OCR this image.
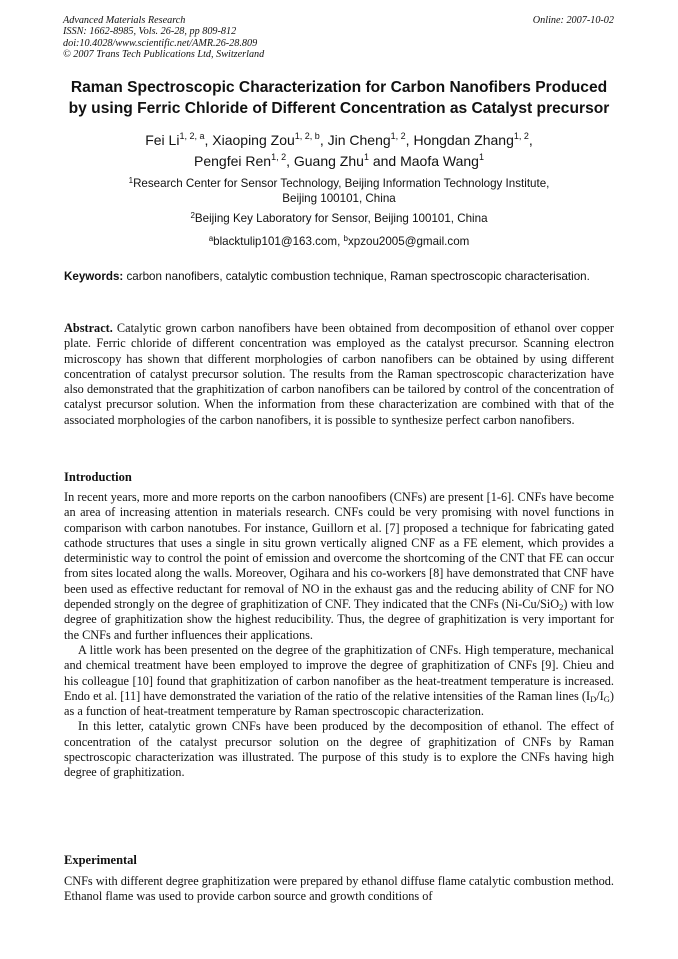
Advanced Materials Research
ISSN: 1662-8985, Vols. 26-28, pp 809-812
doi:10.4028/www.scientific.net/AMR.26-28.809
© 2007 Trans Tech Publications Ltd, Switzerland
Online: 2007-10-02
Raman Spectroscopic Characterization for Carbon Nanofibers Produced
by using Ferric Chloride of Different Concentration as Catalyst precursor
Fei Li$^{1, 2, a}$, Xiaoping Zou$^{1, 2, b}$, Jin Cheng$^{1, 2}$, Hongdan Zhang$^{1, 2}$,
Pengfei Ren$^{1, 2}$, Guang Zhu$^1$ and Maofa Wang$^1$
$^1$Research Center for Sensor Technology, Beijing Information Technology Institute,
Beijing 100101, China
$^2$Beijing Key Laboratory for Sensor, Beijing 100101, China
$^a$blacktulip101@163.com, $^b$xpzou2005@gmail.com
Keywords: carbon nanofibers, catalytic combustion technique, Raman spectroscopic characterisation.

Abstract. Catalytic grown carbon nanofibers have been obtained from decomposition of ethanol over copper plate. Ferric chloride of different concentration was employed as the catalyst precursor. Scanning electron microscopy has shown that different morphologies of carbon nanofibers can be obtained by using different concentration of catalyst precursor solution. The results from the Raman spectroscopic characterization have also demonstrated that the graphitization of carbon nanofibers can be tailored by control of the concentration of catalyst precursor solution. When the information from these characterization are combined with that of the associated morphologies of the carbon nanofibers, it is possible to synthesize perfect carbon nanofibers.

Introduction

In recent years, more and more reports on the carbon nanoofibers (CNFs) are present [1-6]. CNFs have become an area of increasing attention in materials research. CNFs could be very promising with novel functions in comparison with carbon nanotubes. For instance, Guillorn et al. [7] proposed a technique for fabricating gated cathode structures that uses a single in situ grown vertically aligned CNF as a FE element, which provides a deterministic way to control the point of emission and overcome the shortcoming of the CNT that FE can occur from sites located along the walls. Moreover, Ogihara and his co-workers [8] have demonstrated that CNF have been used as effective reductant for removal of NO in the exhaust gas and the reducing ability of CNF for NO depended strongly on the degree of graphitization of CNF. They indicated that the CNFs (Ni-Cu/SiO$_2$) with low degree of graphitization show the highest reducibility. Thus, the degree of graphitization is very important for the CNFs and further influences their applications.

A little work has been presented on the degree of the graphitization of CNFs. High temperature, mechanical and chemical treatment have been employed to improve the degree of graphitization of CNFs [9]. Chieu and his colleague [10] found that graphitization of carbon nanofiber as the heat-treatment temperature is increased. Endo et al. [11] have demonstrated the variation of the ratio of the relative intensities of the Raman lines $(I_D/I_G)$ as a function of heat-treatment temperature by Raman spectroscopic characterization.

In this letter, catalytic grown CNFs have been produced by the decomposition of ethanol. The effect of concentration of the catalyst precursor solution on the degree of graphitization of CNFs by Raman spectroscopic characterization was illustrated. The purpose of this study is to explore the CNFs having high degree of graphitization.

Experimental

CNFs with different degree graphitization were prepared by ethanol diffuse flame catalytic combustion method. Ethanol flame was used to provide carbon source and growth conditions of
